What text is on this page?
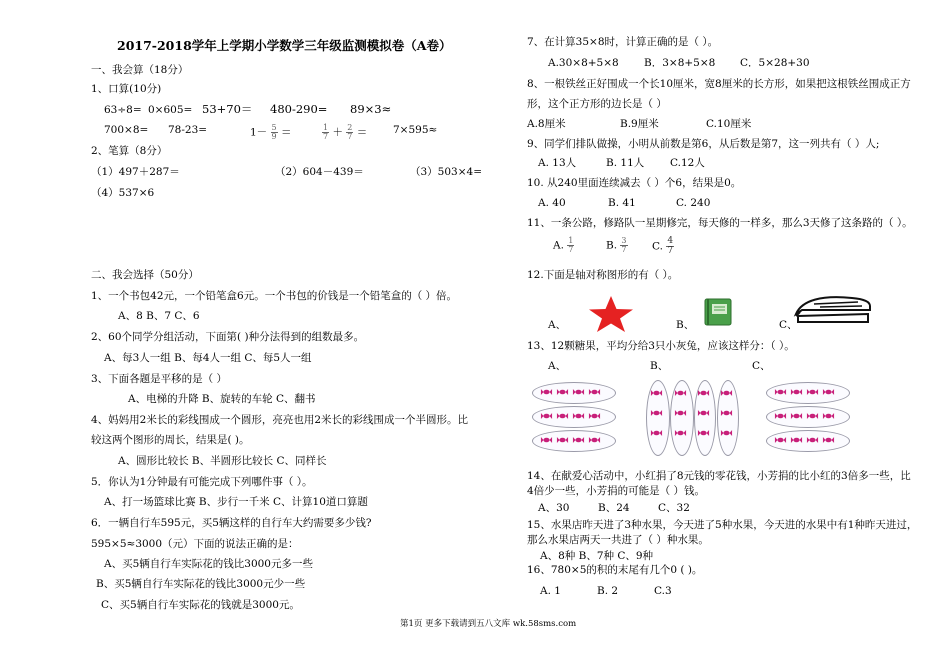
2017-2018学年上学期小学数学三年级监测模拟卷（A卷）
一、我会算（18分）
1、口算(10分)
63÷8= 0×605= 53+70＝ 480-290= 89×3≈
700×8= 78-23=	$1- \frac{5}{9}$ ＝	$\frac{1}{7} + \frac{2}{7} = 7\times 595\approx$
2、笔算（8分）
（1）497＋287＝	（2）604－439＝	（3）503×4=
（4）537×6
二、我会选择（50分）
1、一个书包42元，一个铅笔盒6元。一个书包的价钱是一个铅笔盒的（ ）倍。
A、8 B、7 C、6
2、60个同学分组活动，下面第( )种分法得到的组数最多。
A、每3人一组 B、每4人一组 C、每5人一组
3、下面各题是平移的是（ ）
A、电梯的升降 B、旋转的车轮 C、翻书
4、妈妈用2米长的彩线围成一个圆形，亮亮也用2米长的彩线围成一个半圆形。比
较这两个图形的周长，结果是( )。
A、圆形比较长 B、半圆形比较长 C、同样长
5．你认为1分钟最有可能完成下列哪件事（ ）。
A、打一场篮球比赛 B、步行一千米 C、计算10道口算题
6．一辆自行车595元，买5辆这样的自行车大约需要多少钱?
595×5≈3000（元）下面的说法正确的是：
A、买5辆自行车实际花的钱比3000元多一些
B、买5辆自行车实际花的钱比3000元少一些
C、买5辆自行车实际花的钱就是3000元。
7、在计算35×8时，计算正确的是（ ）。
A.30×8+5×8 B．3×8+5×8 C．5×28+30
8、一根铁丝正好围成一个长10厘米，宽8厘米的长方形，如果把这根铁丝围成正方
形，这个正方形的边长是（ ）
A.8厘米	B.9厘米	C.10厘米
9、同学们排队做操，小明从前数是第6，从后数是第7，这一列共有（ ）人;
A. 13人	B. 11人 C.12人
10. 从240里面连续减去（ ）个6，结果是0。
A. 40	B. 41	C. 240
11、一条公路，修路队一星期修完，每天修的一样多，那么3天修了这条路的（ ）。
A. $\frac{1}{7}$	B. $\frac{3}{7} C$. $\frac{4}{7}$
12.下面是轴对称图形的有（ ）。
A、	B、	C、
13、12颗糖果，平均分给3只小灰兔，应该这样分：（ ）。
A、	B、	C、
14、在献爱心活动中，小红捐了8元钱的零花钱，小芳捐的比小红的3倍多一些，比
4倍少一些，小芳捐的可能是（ ）钱。
A、30	B、24	C、32
15、水果店昨天进了3种水果，今天进了5种水果，今天进的水果中有1种昨天进过，
那么水果店两天一共进了（ ）种水果。
A、8种 B、7种 C、9种
16、780×5的积的末尾有几个0 ( )。
A. 1	B. 2	C.3
第1页 更多下载请到五八文库 wk.58sms.com
